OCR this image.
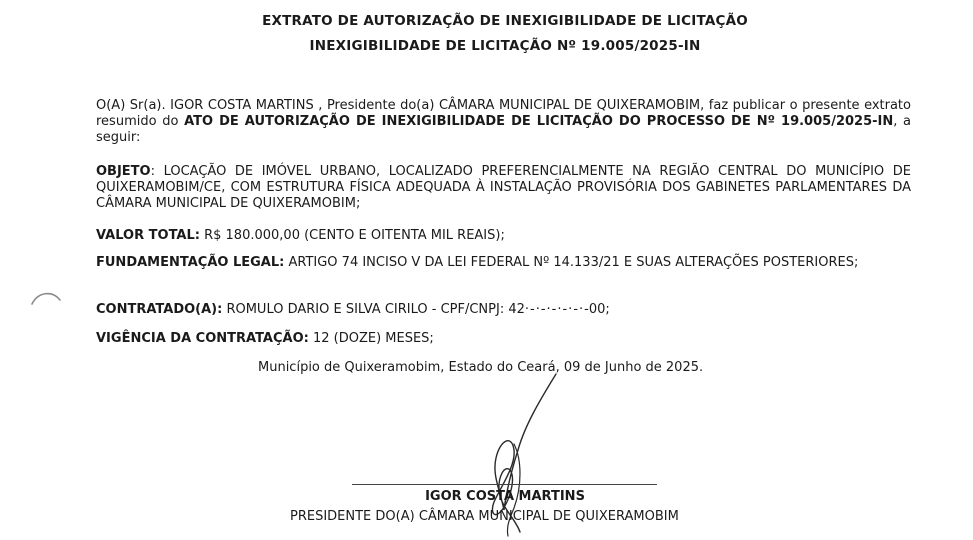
EXTRATO DE AUTORIZAÇÃO DE INEXIGIBILIDADE DE LICITAÇÃO
INEXIGIBILIDADE DE LICITAÇÃO Nº 19.005/2025-IN
O(A) Sr(a). IGOR COSTA MARTINS , Presidente do(a) CÂMARA MUNICIPAL DE QUIXERAMOBIM, faz publicar o presente extrato resumido do ATO DE AUTORIZAÇÃO DE INEXIGIBILIDADE DE LICITAÇÃO DO PROCESSO DE Nº 19.005/2025-IN, a seguir:
OBJETO: LOCAÇÃO DE IMÓVEL URBANO, LOCALIZADO PREFERENCIALMENTE NA REGIÃO CENTRAL DO MUNICÍPIO DE QUIXERAMOBIM/CE, COM ESTRUTURA FÍSICA ADEQUADA À INSTALAÇÃO PROVISÓRIA DOS GABINETES PARLAMENTARES DA CÂMARA MUNICIPAL DE QUIXERAMOBIM;
VALOR TOTAL: R$ 180.000,00 (CENTO E OITENTA MIL REAIS);
FUNDAMENTAÇÃO LEGAL: ARTIGO 74 INCISO V DA LEI FEDERAL Nº 14.133/21 E SUAS ALTERAÇÕES POSTERIORES;
CONTRATADO(A): ROMULO DARIO E SILVA CIRILO - CPF/CNPJ: 42·-·-·-·-·-·-00;
VIGÊNCIA DA CONTRATAÇÃO: 12 (DOZE) MESES;
Município de Quixeramobim, Estado do Ceará, 09 de Junho de 2025.
IGOR COSTA MARTINS
PRESIDENTE DO(A) CÂMARA MUNICIPAL DE QUIXERAMOBIM
